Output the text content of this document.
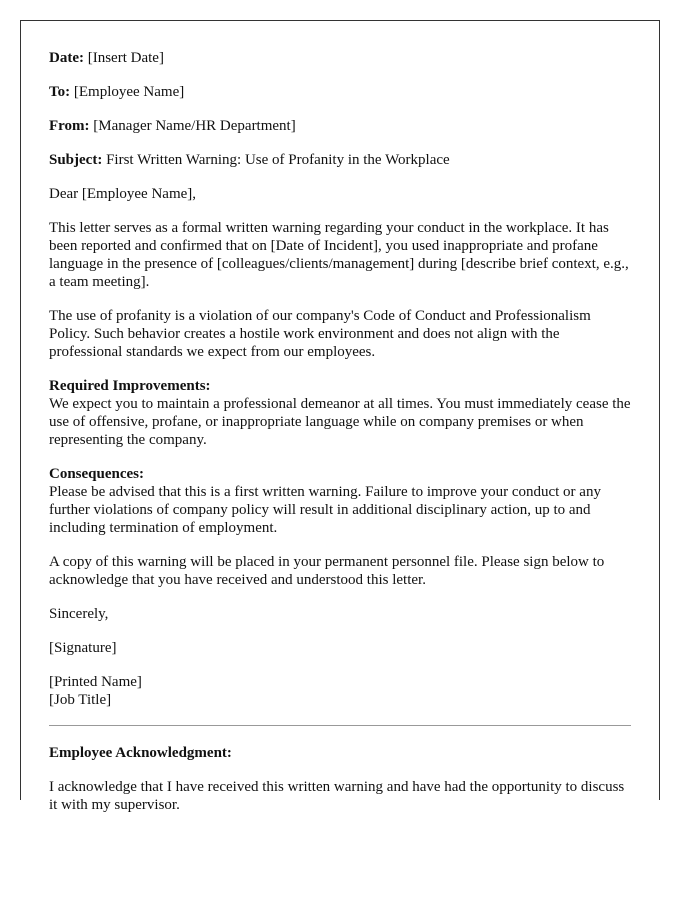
Date: [Insert Date]

To: [Employee Name]

From: [Manager Name/HR Department]

Subject: First Written Warning: Use of Profanity in the Workplace

Dear [Employee Name],

This letter serves as a formal written warning regarding your conduct in the workplace. It has been reported and confirmed that on [Date of Incident], you used inappropriate and profane language in the presence of [colleagues/clients/management] during [describe brief context, e.g., a team meeting].

The use of profanity is a violation of our company's Code of Conduct and Professionalism Policy. Such behavior creates a hostile work environment and does not align with the professional standards we expect from our employees.

Required Improvements:
We expect you to maintain a professional demeanor at all times. You must immediately cease the use of offensive, profane, or inappropriate language while on company premises or when representing the company.

Consequences:
Please be advised that this is a first written warning. Failure to improve your conduct or any further violations of company policy will result in additional disciplinary action, up to and including termination of employment.

A copy of this warning will be placed in your permanent personnel file. Please sign below to acknowledge that you have received and understood this letter.

Sincerely,

[Signature]

[Printed Name]
[Job Title]

Employee Acknowledgment:

I acknowledge that I have received this written warning and have had the opportunity to discuss it with my supervisor.
